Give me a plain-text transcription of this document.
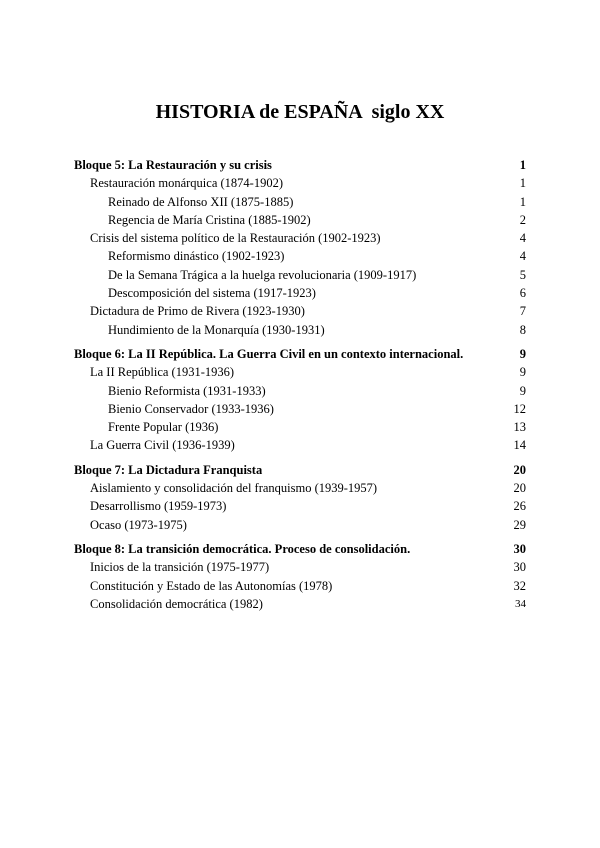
HISTORIA de ESPAÑA  siglo XX
Bloque 5: La Restauración y su crisis	1
Restauración monárquica (1874-1902)	1
Reinado de Alfonso XII (1875-1885)	1
Regencia de María Cristina (1885-1902)	2
Crisis del sistema político de la Restauración (1902-1923)	4
Reformismo dinástico (1902-1923)	4
De la Semana Trágica a la huelga revolucionaria (1909-1917)	5
Descomposición del sistema (1917-1923)	6
Dictadura de Primo de Rivera (1923-1930)	7
Hundimiento de la Monarquía (1930-1931)	8
Bloque 6: La II República. La Guerra Civil en un contexto internacional.	9
La II República (1931-1936)	9
Bienio Reformista (1931-1933)	9
Bienio Conservador (1933-1936)	12
Frente Popular (1936)	13
La Guerra Civil (1936-1939)	14
Bloque 7: La Dictadura Franquista	20
Aislamiento y consolidación del franquismo (1939-1957)	20
Desarrollismo (1959-1973)	26
Ocaso (1973-1975)	29
Bloque 8: La transición democrática. Proceso de consolidación.	30
Inicios de la transición (1975-1977)	30
Constitución y Estado de las Autonomías (1978)	32
Consolidación democrática (1982)	34
